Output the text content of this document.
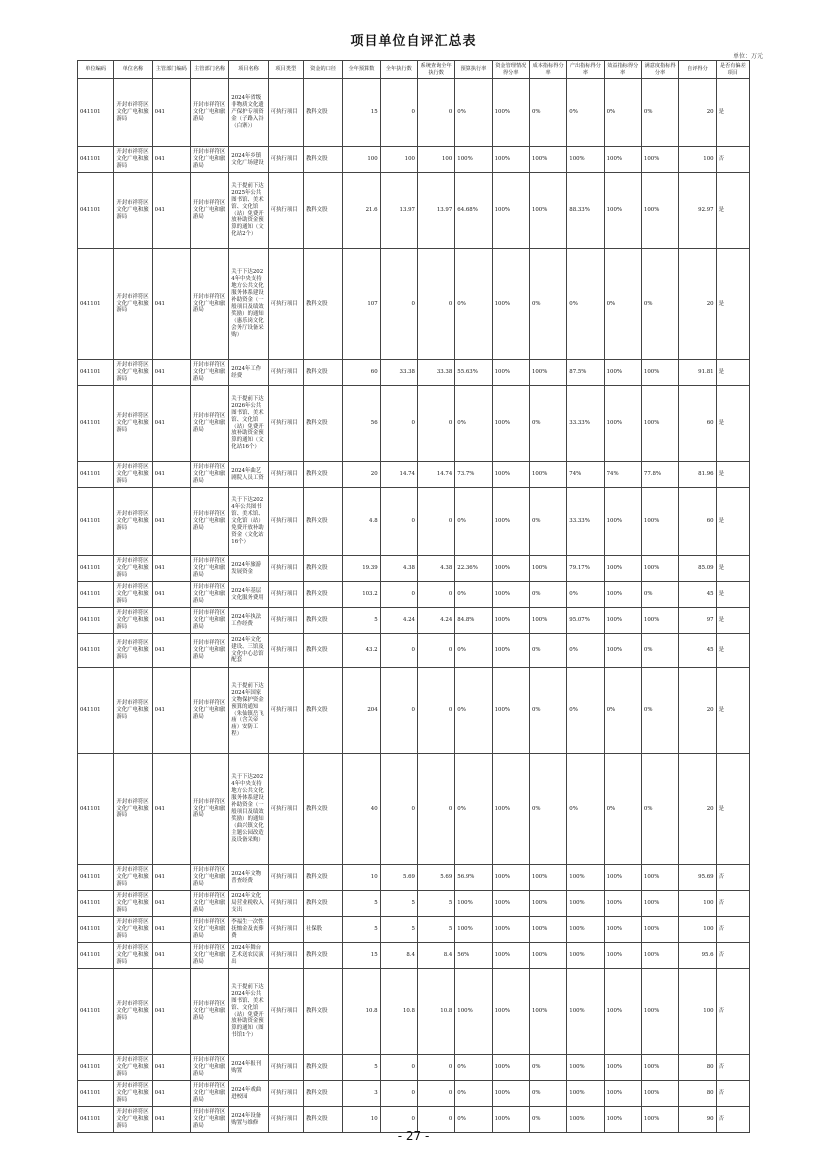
项目单位自评汇总表
单位：万元
单位编码	单位名称	主管部门编码	主管部门名称	项目名称	项目类型	资金的口径	全年预算数	全年执行数	系统查询全年执行数	预算执行率	资金管理情况得分率	成本指标得分率	产出指标得分率	效益指标得分率	满意度指标得分率	自评得分	是否有偏差项目
041101	开封市祥符区文化广电和旅游局	041	开封市祥符区文化广电和旅游局	2024年省级非物质文化遗产保护专项资金（子路入谷（白寨））	可执行项目	教科文股	15	0	0	0%	100%	0%	0%	0%	0%	20	是
041101	开封市祥符区文化广电和旅游局	041	开封市祥符区文化广电和旅游局	2024年乡镇文化广场建设	可执行项目	教科文股	100	100	100	100%	100%	100%	100%	100%	100%	100	否
041101	开封市祥符区文化广电和旅游局	041	开封市祥符区文化广电和旅游局	关于提前下达2025年公共图书馆、美术馆、文化馆（站）免费开放补助资金预算的通知（文化站2个）	可执行项目	教科文股	21.6	13.97	13.97	64.68%	100%	100%	88.33%	100%	100%	92.97	是
041101	开封市祥符区文化广电和旅游局	041	开封市祥符区文化广电和旅游局	关于下达2024年中央支持地方公共文化服务体系建设补助资金（一般项目及绩效奖励）的通知（惠乐岗文化会务厅设备采购）	可执行项目	教科文股	107	0	0	0%	100%	0%	0%	0%	0%	20	是
041101	开封市祥符区文化广电和旅游局	041	开封市祥符区文化广电和旅游局	2024年工作经费	可执行项目	教科文股	60	33.38	33.38	55.63%	100%	100%	87.5%	100%	100%	91.81	是
041101	开封市祥符区文化广电和旅游局	041	开封市祥符区文化广电和旅游局	关于提前下达2026年公共图书馆、美术馆、文化馆（站）免费开放补助资金预算的通知（文化站16个）	可执行项目	教科文股	56	0	0	0%	100%	0%	33.33%	100%	100%	60	是
041101	开封市祥符区文化广电和旅游局	041	开封市祥符区文化广电和旅游局	2024年曲艺剧院人员工资	可执行项目	教科文股	20	14.74	14.74	73.7%	100%	100%	74%	74%	77.8%	81.96	是
041101	开封市祥符区文化广电和旅游局	041	开封市祥符区文化广电和旅游局	关于下达2024年公共图书馆、美术馆、文化馆（站）免费开放补助资金（文化站16个）	可执行项目	教科文股	4.8	0	0	0%	100%	0%	33.33%	100%	100%	60	是
041101	开封市祥符区文化广电和旅游局	041	开封市祥符区文化广电和旅游局	2024年旅游发展资金	可执行项目	教科文股	19.39	4.38	4.38	22.36%	100%	100%	79.17%	100%	100%	85.09	是
041101	开封市祥符区文化广电和旅游局	041	开封市祥符区文化广电和旅游局	2024年基层文化服务费用	可执行项目	教科文股	103.2	0	0	0%	100%	0%	0%	100%	0%	45	是
041101	开封市祥符区文化广电和旅游局	041	开封市祥符区文化广电和旅游局	2024年执法工作经费	可执行项目	教科文股	5	4.24	4.24	84.8%	100%	100%	95.07%	100%	100%	97	是
041101	开封市祥符区文化广电和旅游局	041	开封市祥符区文化广电和旅游局	2024年文化建设、三馆及文化中心总馆配套	可执行项目	教科文股	43.2	0	0	0%	100%	0%	0%	100%	0%	45	是
041101	开封市祥符区文化广电和旅游局	041	开封市祥符区文化广电和旅游局	关于提前下达2024年国家文物保护资金预算的通知（朱仙镇岳飞庙（含关帝庙）安防工程）	可执行项目	教科文股	204	0	0	0%	100%	0%	0%	0%	0%	20	是
041101	开封市祥符区文化广电和旅游局	041	开封市祥符区文化广电和旅游局	关于下达2024年中央支持地方公共文化服务体系建设补助资金（一般项目及绩效奖励）的通知（曲兴镇文化主题公园改造及设备采购）	可执行项目	教科文股	40	0	0	0%	100%	0%	0%	0%	0%	20	是
041101	开封市祥符区文化广电和旅游局	041	开封市祥符区文化广电和旅游局	2024年文物普查经费	可执行项目	教科文股	10	5.69	5.69	56.9%	100%	100%	100%	100%	100%	95.69	否
041101	开封市祥符区文化广电和旅游局	041	开封市祥符区文化广电和旅游局	2024年文化局营业税收入支出	可执行项目	教科文股	5	5	5	100%	100%	100%	100%	100%	100%	100	否
041101	开封市祥符区文化广电和旅游局	041	开封市祥符区文化广电和旅游局	李福生一次性抚恤金及丧葬费	可执行项目	社保股	5	5	5	100%	100%	100%	100%	100%	100%	100	否
041101	开封市祥符区文化广电和旅游局	041	开封市祥符区文化广电和旅游局	2024年舞台艺术送农民演出	可执行项目	教科文股	15	8.4	8.4	56%	100%	100%	100%	100%	100%	95.6	否
041101	开封市祥符区文化广电和旅游局	041	开封市祥符区文化广电和旅游局	关于提前下达2024年公共图书馆、美术馆、文化馆（站）免费开放补助资金预算的通知（图书馆1个）	可执行项目	教科文股	10.8	10.8	10.8	100%	100%	100%	100%	100%	100%	100	否
041101	开封市祥符区文化广电和旅游局	041	开封市祥符区文化广电和旅游局	2024年报刊购置	可执行项目	教科文股	5	0	0	0%	100%	0%	100%	100%	100%	80	否
041101	开封市祥符区文化广电和旅游局	041	开封市祥符区文化广电和旅游局	2024年戏曲进校园	可执行项目	教科文股	3	0	0	0%	100%	0%	100%	100%	100%	80	否
041101	开封市祥符区文化广电和旅游局	041	开封市祥符区文化广电和旅游局	2024年设备购置与维修	可执行项目	教科文股	10	0	0	0%	100%	0%	100%	100%	100%	90	否
- 27 -
